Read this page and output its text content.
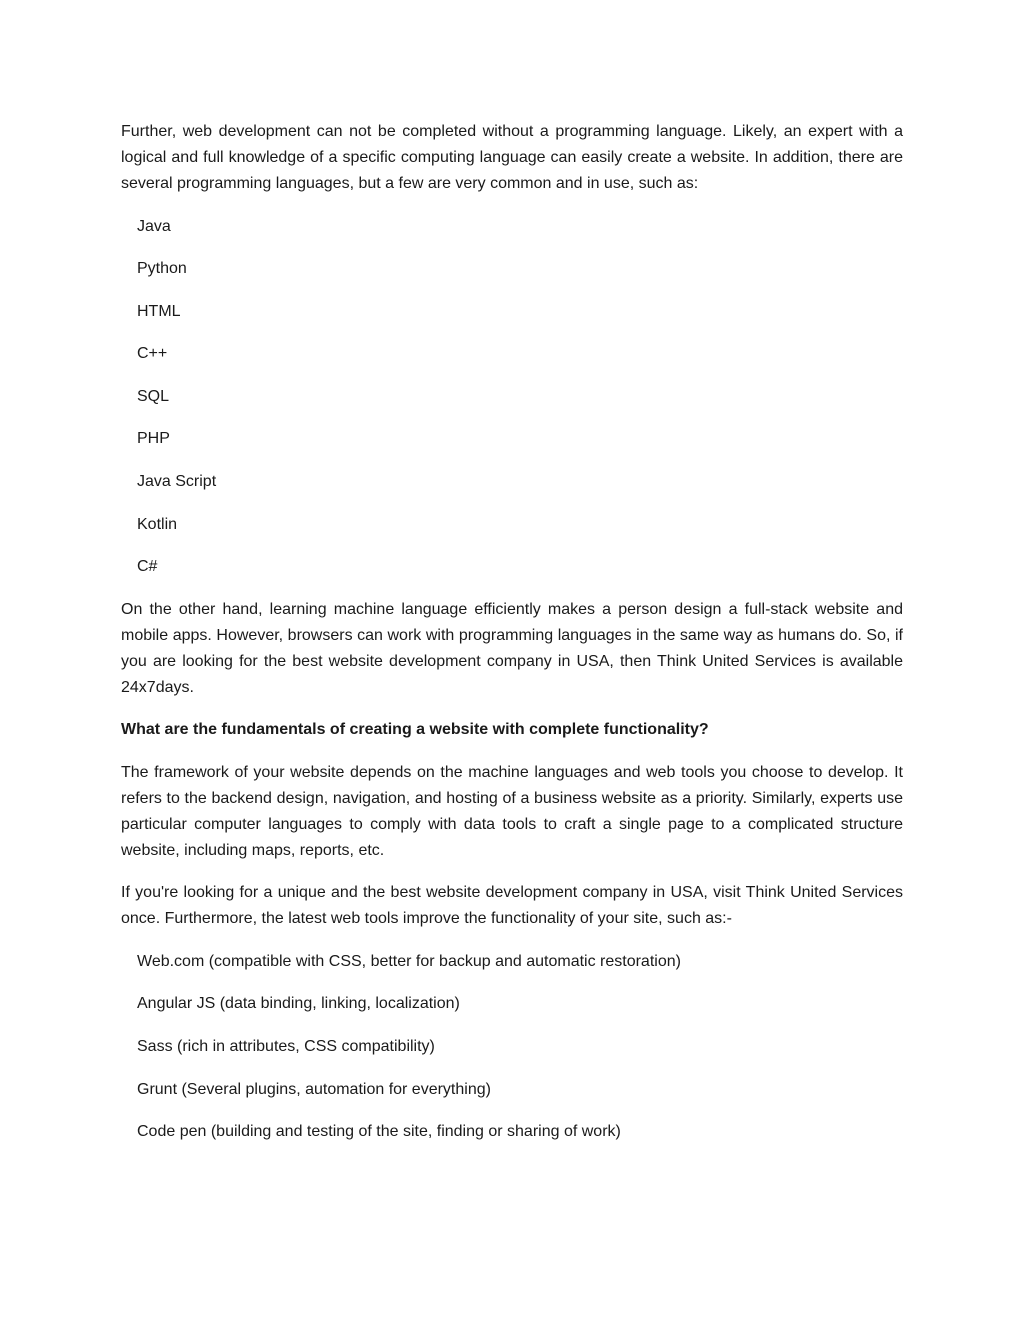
Further, web development can not be completed without a programming language. Likely, an expert with a logical and full knowledge of a specific computing language can easily create a website. In addition, there are several programming languages, but a few are very common and in use, such as:

Java
Python
HTML
C++
SQL
PHP
Java Script
Kotlin
C#

On the other hand, learning machine language efficiently makes a person design a full-stack website and mobile apps. However, browsers can work with programming languages in the same way as humans do. So, if you are looking for the best website development company in USA, then Think United Services is available 24x7days.

What are the fundamentals of creating a website with complete functionality?

The framework of your website depends on the machine languages and web tools you choose to develop. It refers to the backend design, navigation, and hosting of a business website as a priority. Similarly, experts use particular computer languages to comply with data tools to craft a single page to a complicated structure website, including maps, reports, etc.

If you're looking for a unique and the best website development company in USA, visit Think United Services once. Furthermore, the latest web tools improve the functionality of your site, such as:-

Web.com (compatible with CSS, better for backup and automatic restoration)
Angular JS (data binding, linking, localization)
Sass (rich in attributes, CSS compatibility)
Grunt (Several plugins, automation for everything)
Code pen (building and testing of the site, finding or sharing of work)
